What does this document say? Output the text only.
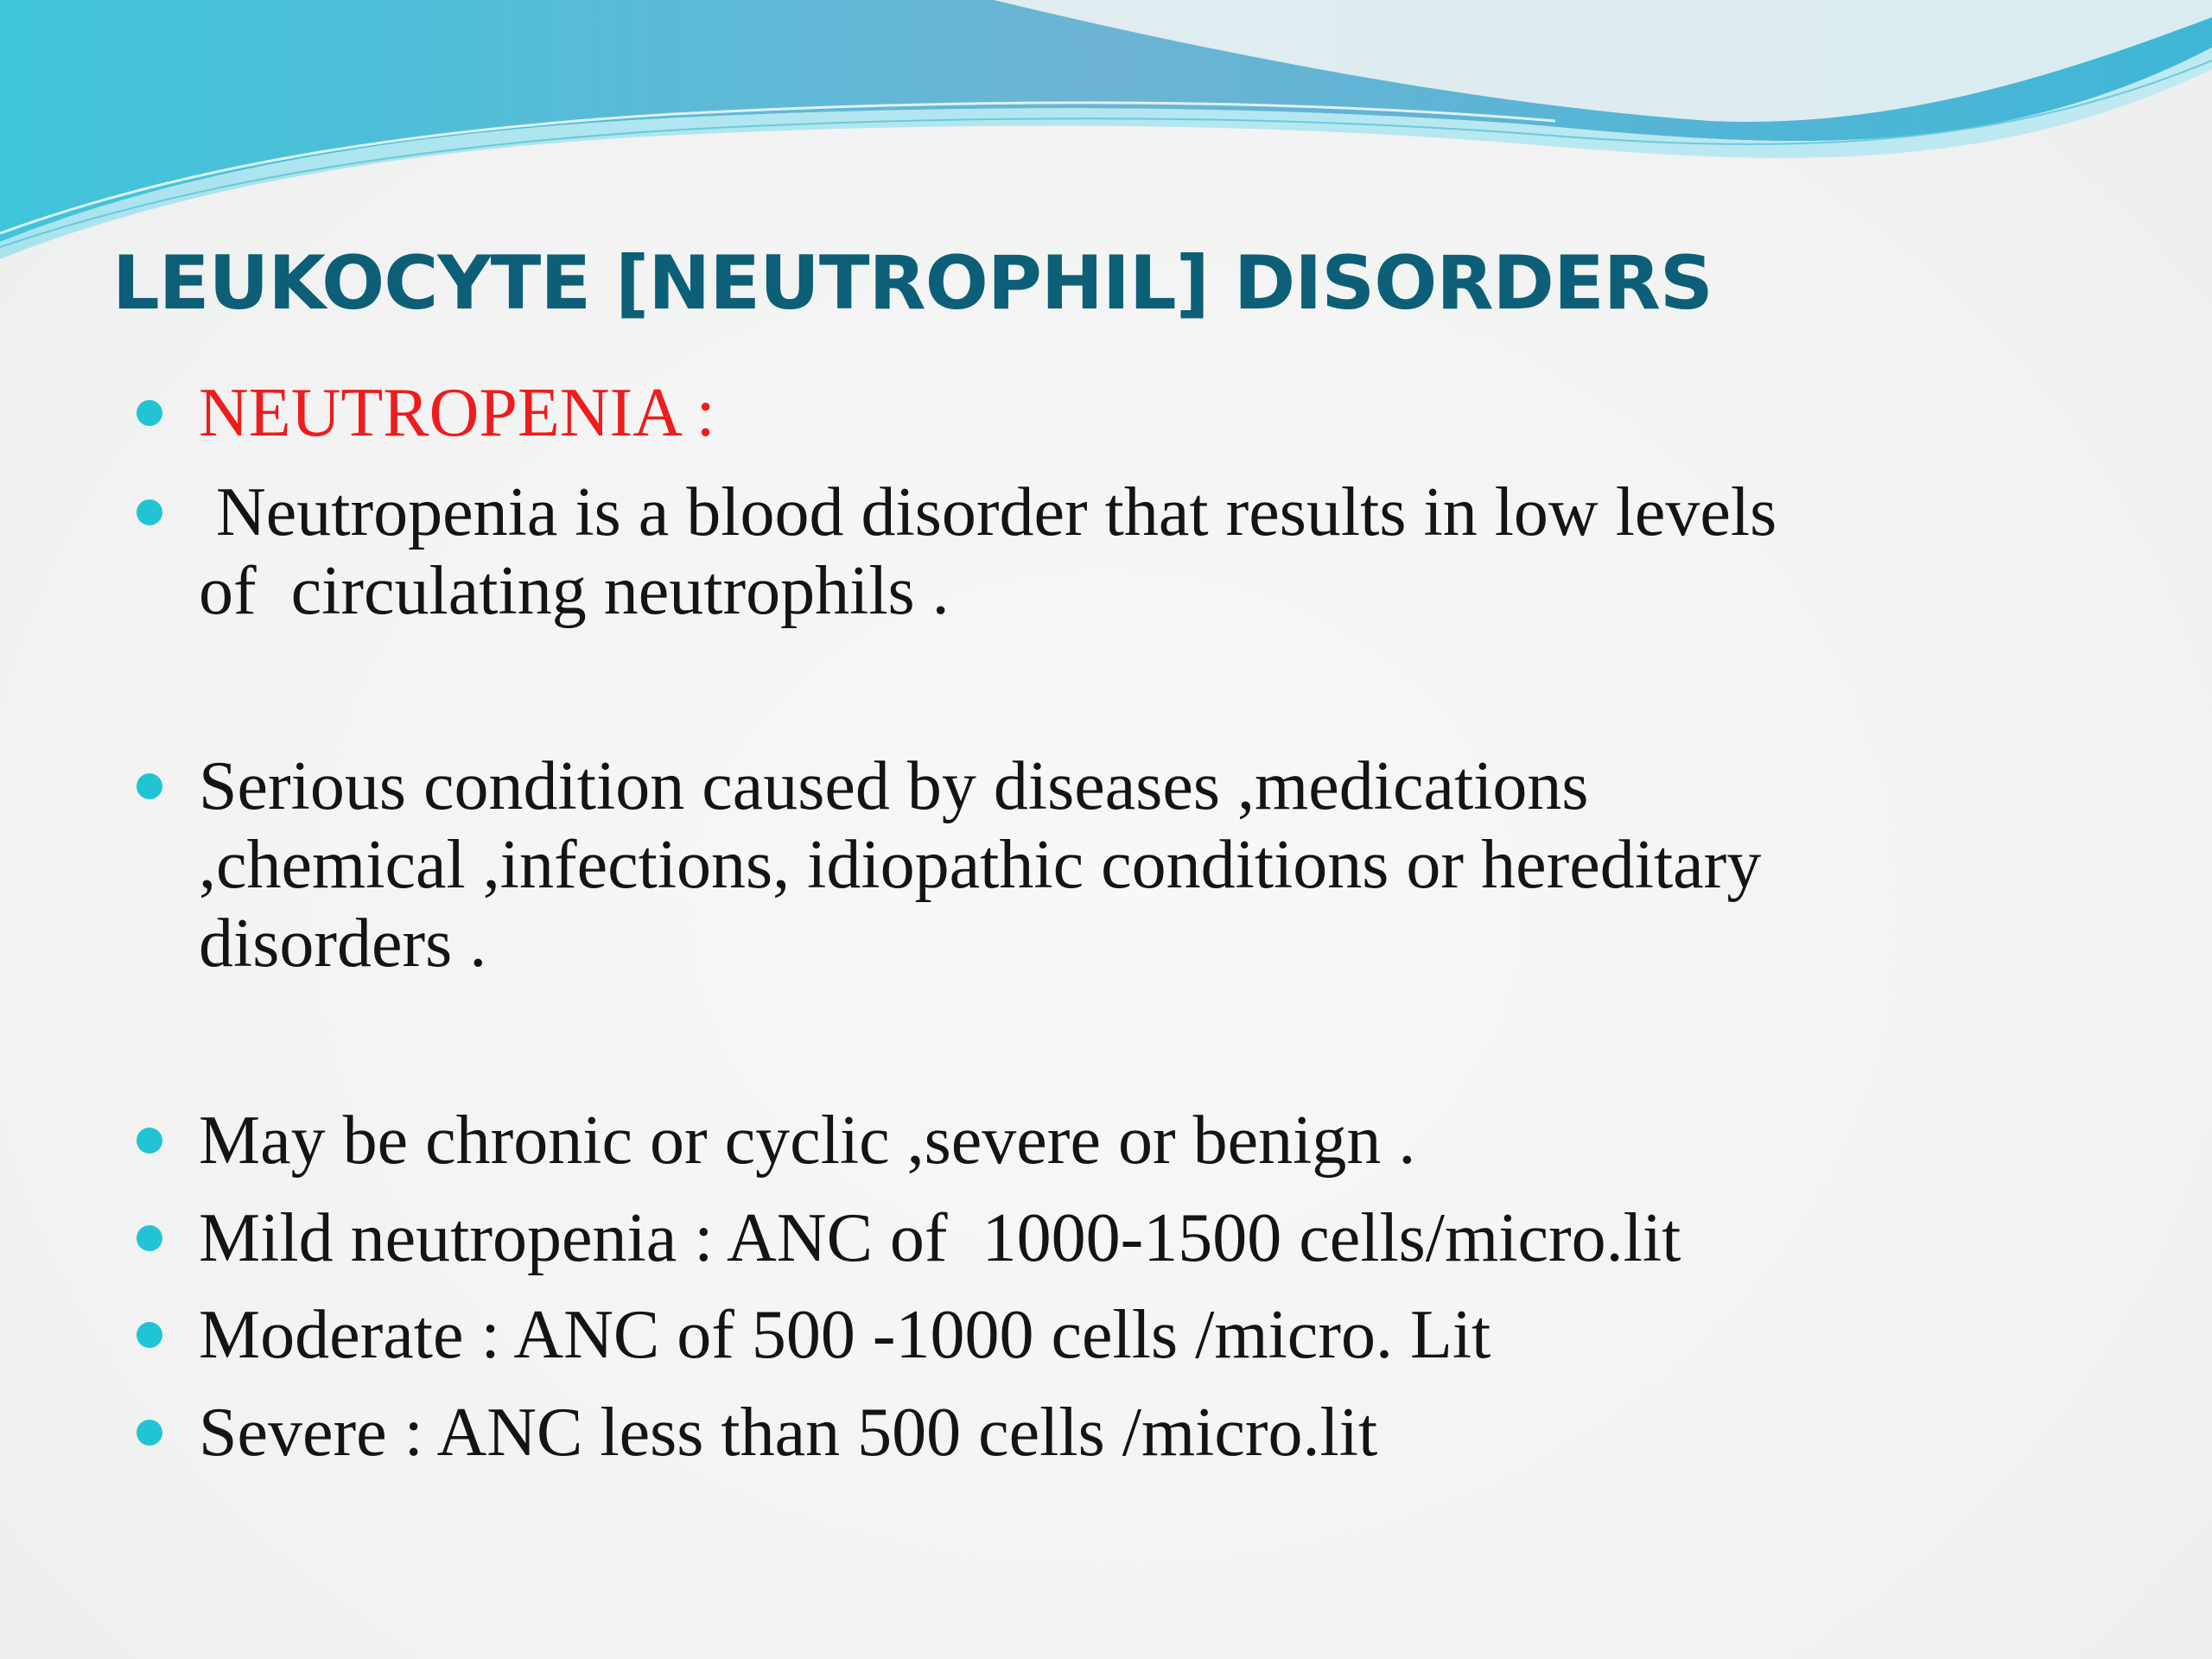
LEUKOCYTE [NEUTROPHIL] DISORDERS
NEUTROPENIA :
Neutropenia is a blood disorder that results in low levels
of  circulating neutrophils .
Serious condition caused by diseases ,medications
,chemical ,infections, idiopathic conditions or hereditary
disorders .
May be chronic or cyclic ,severe or benign .
Mild neutropenia : ANC of  1000-1500 cells/micro.lit
Moderate : ANC of 500 -1000 cells /micro. Lit
Severe : ANC less than 500 cells /micro.lit
